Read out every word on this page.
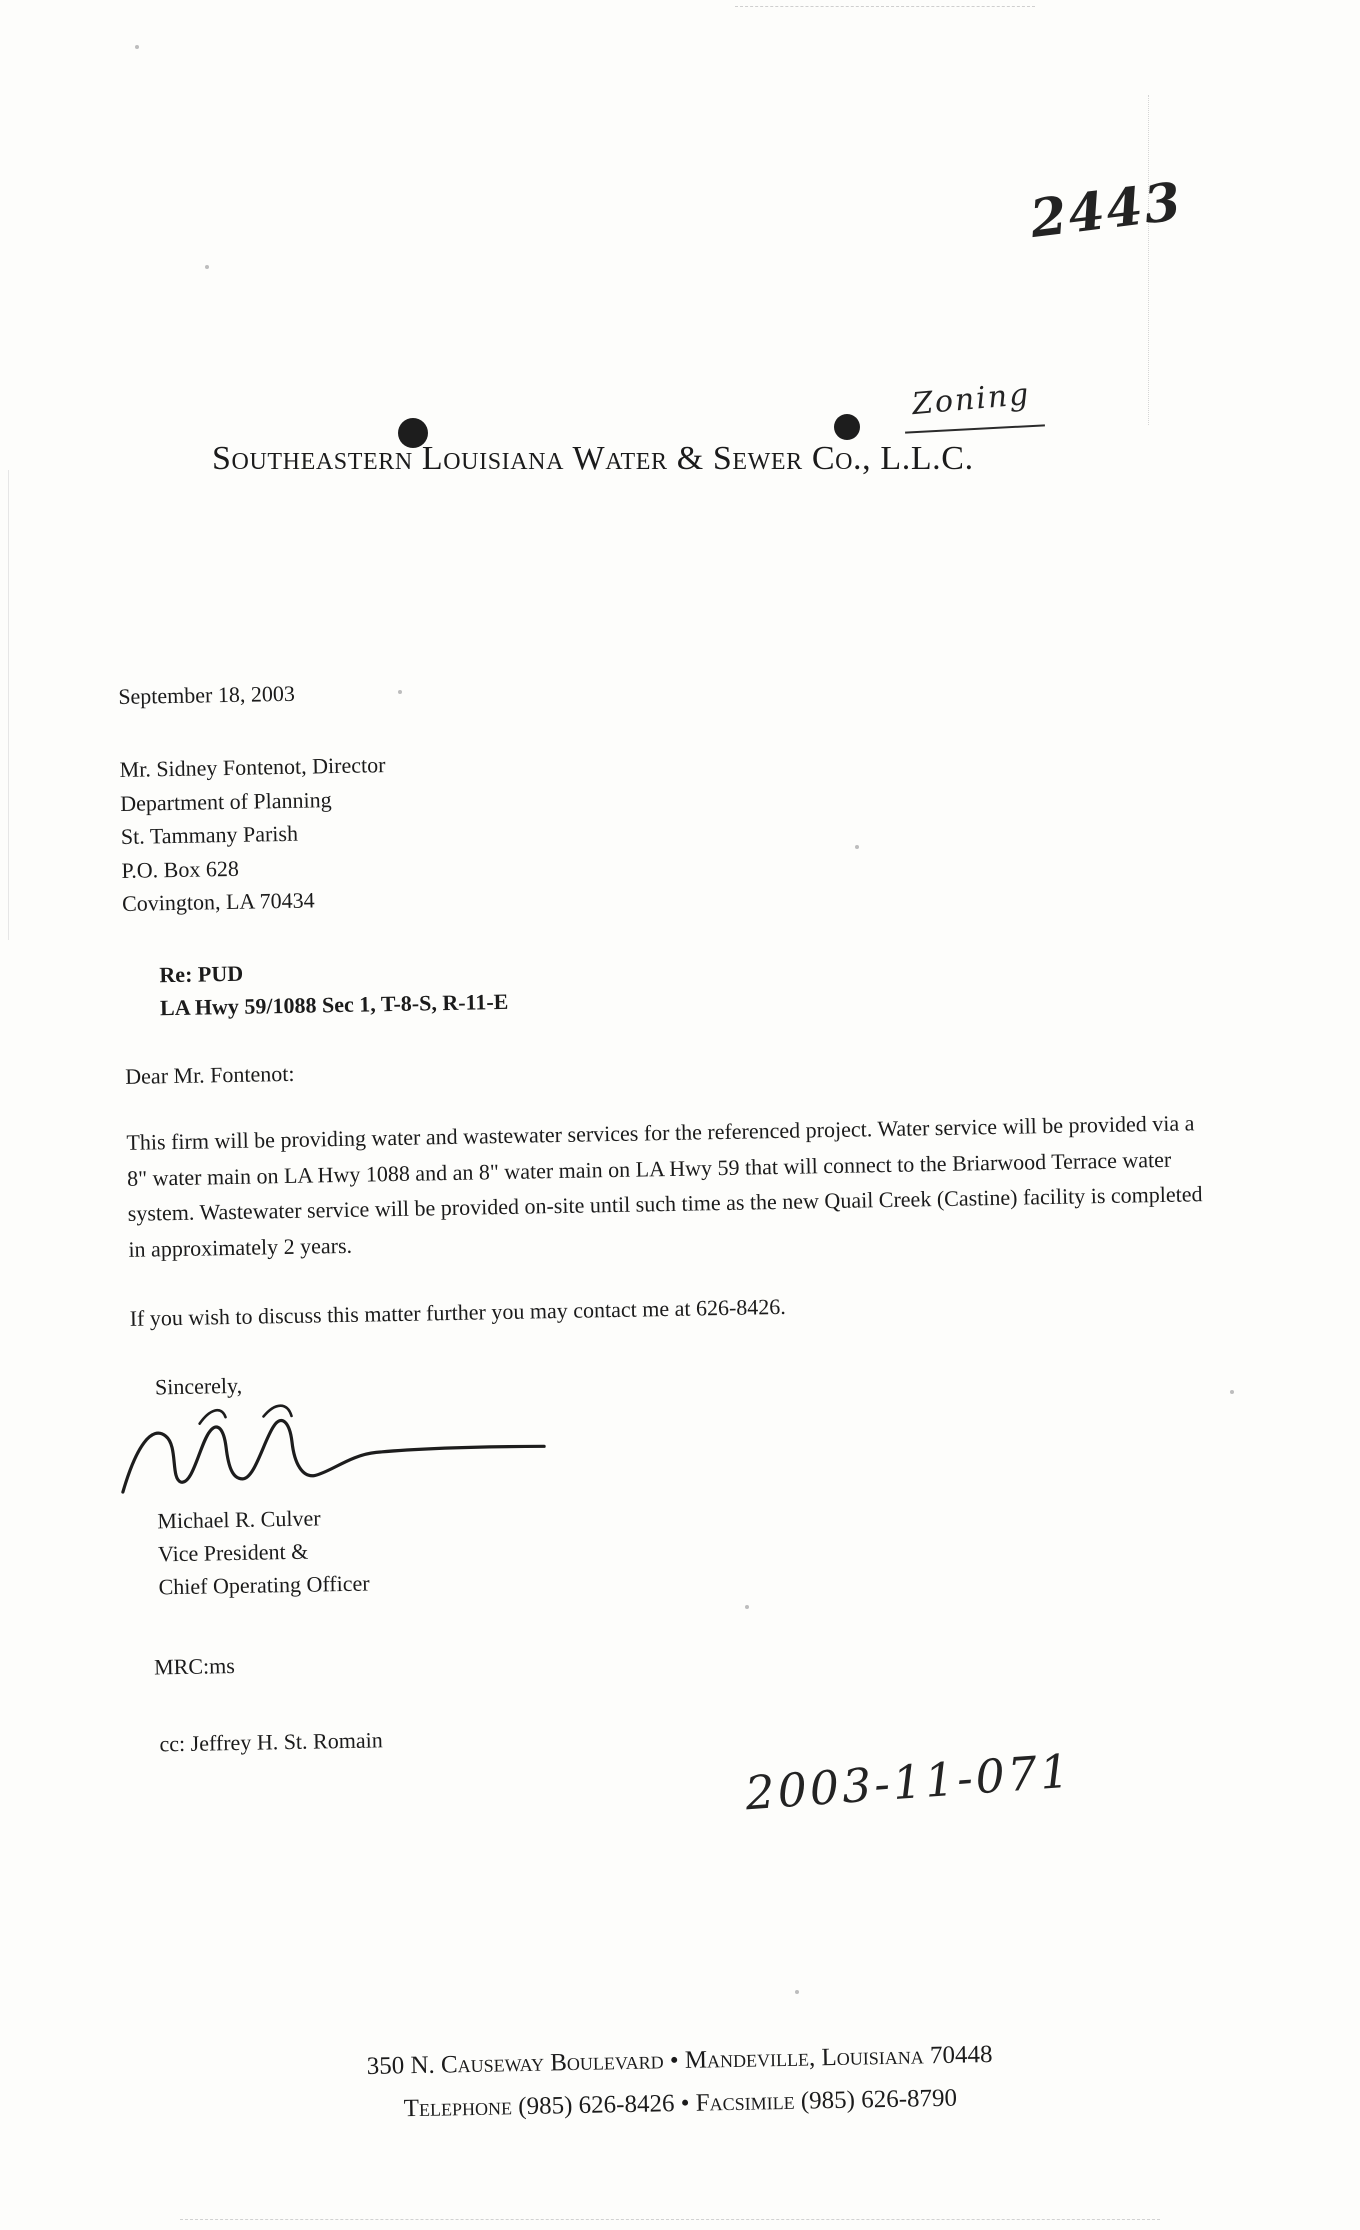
2443
Zoning
2003-11-071
Southeastern Louisiana Water & Sewer Co., L.L.C.

September 18, 2003

Mr. Sidney Fontenot, Director
Department of Planning
St. Tammany Parish
P.O. Box 628
Covington, LA 70434
Re: PUD
LA Hwy 59/1088 Sec 1, T-8-S, R-11-E

Dear Mr. Fontenot:

This firm will be providing water and wastewater services for the referenced project. Water service will be provided via a 8" water main on LA Hwy 1088 and an 8" water main on LA Hwy 59 that will connect to the Briarwood Terrace water system. Wastewater service will be provided on-site until such time as the new Quail Creek (Castine) facility is completed in approximately 2 years.

If you wish to discuss this matter further you may contact me at 626-8426.

Sincerely,

Michael R. Culver
Vice President &
Chief Operating Officer

MRC:ms

cc: Jeffrey H. St. Romain

350 N. Causeway Boulevard • Mandeville, Louisiana 70448
Telephone (985) 626-8426 • Facsimile (985) 626-8790
